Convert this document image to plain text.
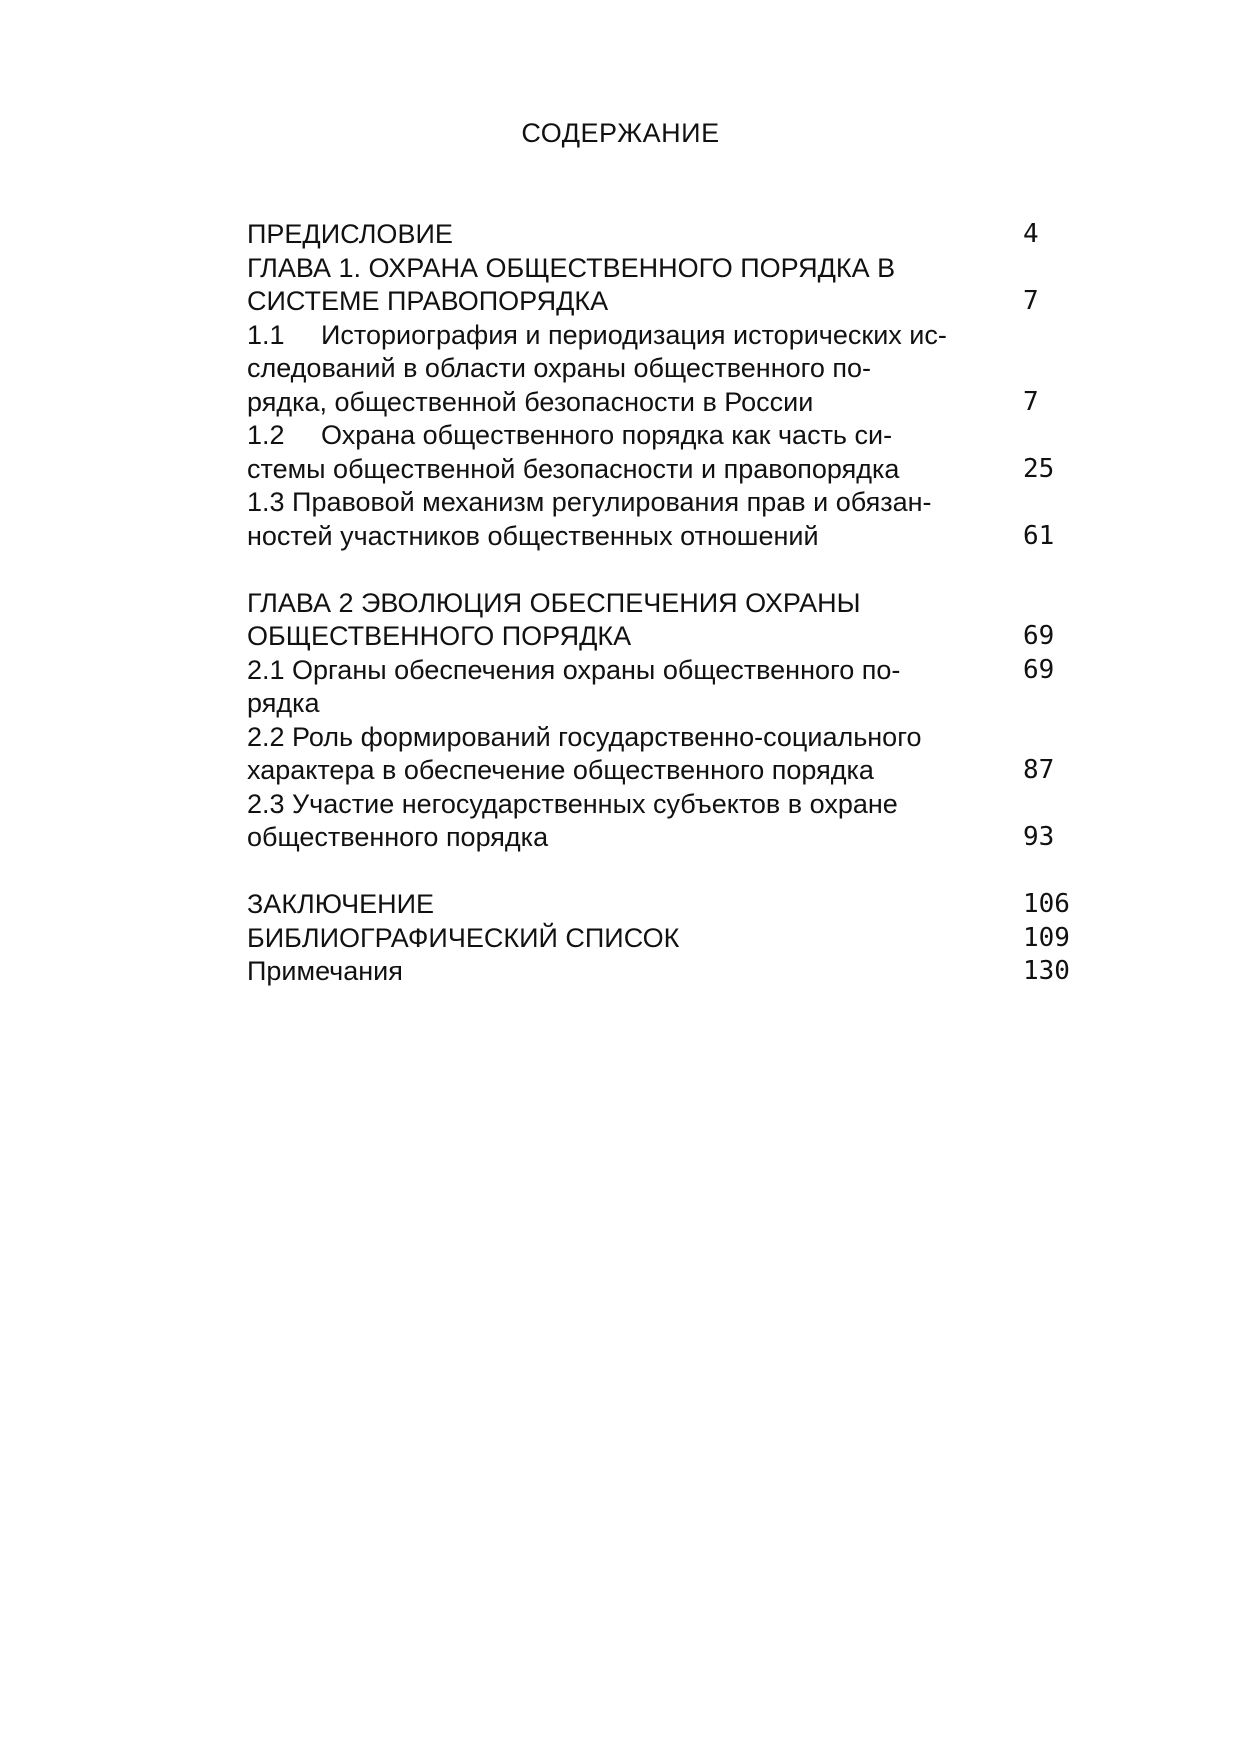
СОДЕРЖАНИЕ
ПРЕДИСЛОВИЕ	4
ГЛАВА 1. ОХРАНА ОБЩЕСТВЕННОГО ПОРЯДКА В
СИСТЕМЕ ПРАВОПОРЯДКА	7
1.1 Историография и периодизация исторических ис-
следований в области охраны общественного по-
рядка, общественной безопасности в России	7
1.2 Охрана общественного порядка как часть си-
стемы общественной безопасности и правопорядка	25
1.3 Правовой механизм регулирования прав и обязан-
ностей участников общественных отношений	61
ГЛАВА 2 ЭВОЛЮЦИЯ ОБЕСПЕЧЕНИЯ ОХРАНЫ
ОБЩЕСТВЕННОГО ПОРЯДКА	69
2.1 Органы обеспечения охраны общественного по-	69
рядка
2.2 Роль формирований государственно-социального
характера в обеспечение общественного порядка	87
2.3 Участие негосударственных субъектов в охране
общественного порядка	93
ЗАКЛЮЧЕНИЕ	106
БИБЛИОГРАФИЧЕСКИЙ СПИСОК	109
Примечания	130
